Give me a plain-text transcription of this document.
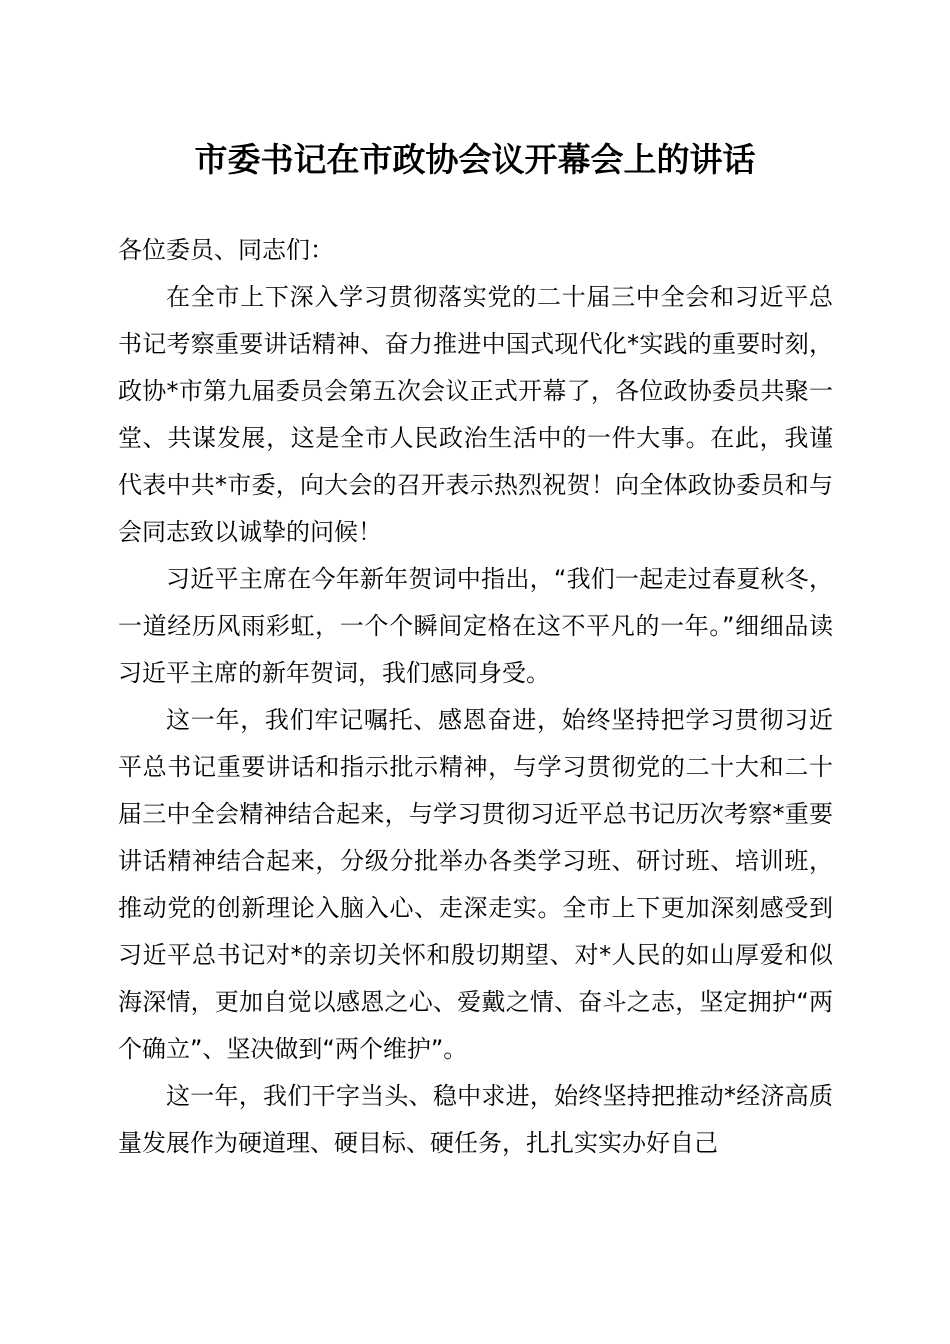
市委书记在市政协会议开幕会上的讲话

各位委员、同志们：

在全市上下深入学习贯彻落实党的二十届三中全会和习近平总书记考察重要讲话精神、奋力推进中国式现代化*实践的重要时刻，政协*市第九届委员会第五次会议正式开幕了，各位政协委员共聚一堂、共谋发展，这是全市人民政治生活中的一件大事。在此，我谨代表中共*市委，向大会的召开表示热烈祝贺！向全体政协委员和与会同志致以诚挚的问候！

习近平主席在今年新年贺词中指出，“我们一起走过春夏秋冬，一道经历风雨彩虹，一个个瞬间定格在这不平凡的一年。”细细品读习近平主席的新年贺词，我们感同身受。

这一年，我们牢记嘱托、感恩奋进，始终坚持把学习贯彻习近平总书记重要讲话和指示批示精神，与学习贯彻党的二十大和二十届三中全会精神结合起来，与学习贯彻习近平总书记历次考察*重要讲话精神结合起来，分级分批举办各类学习班、研讨班、培训班，推动党的创新理论入脑入心、走深走实。全市上下更加深刻感受到习近平总书记对*的亲切关怀和殷切期望、对*人民的如山厚爱和似海深情，更加自觉以感恩之心、爱戴之情、奋斗之志，坚定拥护“两个确立”、坚决做到“两个维护”。

这一年，我们干字当头、稳中求进，始终坚持把推动*经济高质量发展作为硬道理、硬目标、硬任务，扎扎实实办好自己
